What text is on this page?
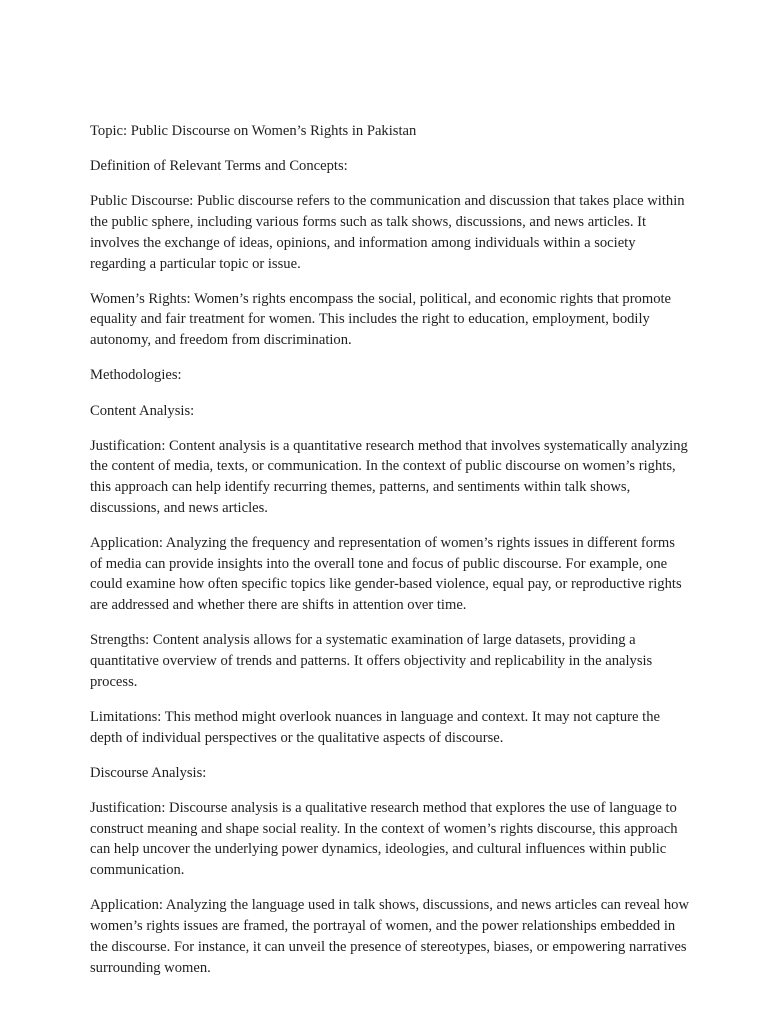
Topic: Public Discourse on Women’s Rights in Pakistan

Definition of Relevant Terms and Concepts:

Public Discourse: Public discourse refers to the communication and discussion that takes place within the public sphere, including various forms such as talk shows, discussions, and news articles. It involves the exchange of ideas, opinions, and information among individuals within a society regarding a particular topic or issue.

Women’s Rights: Women’s rights encompass the social, political, and economic rights that promote equality and fair treatment for women. This includes the right to education, employment, bodily autonomy, and freedom from discrimination.

Methodologies:

Content Analysis:

Justification: Content analysis is a quantitative research method that involves systematically analyzing the content of media, texts, or communication. In the context of public discourse on women’s rights, this approach can help identify recurring themes, patterns, and sentiments within talk shows, discussions, and news articles.

Application: Analyzing the frequency and representation of women’s rights issues in different forms of media can provide insights into the overall tone and focus of public discourse. For example, one could examine how often specific topics like gender-based violence, equal pay, or reproductive rights are addressed and whether there are shifts in attention over time.

Strengths: Content analysis allows for a systematic examination of large datasets, providing a quantitative overview of trends and patterns. It offers objectivity and replicability in the analysis process.

Limitations: This method might overlook nuances in language and context. It may not capture the depth of individual perspectives or the qualitative aspects of discourse.

Discourse Analysis:

Justification: Discourse analysis is a qualitative research method that explores the use of language to construct meaning and shape social reality. In the context of women’s rights discourse, this approach can help uncover the underlying power dynamics, ideologies, and cultural influences within public communication.

Application: Analyzing the language used in talk shows, discussions, and news articles can reveal how women’s rights issues are framed, the portrayal of women, and the power relationships embedded in the discourse. For instance, it can unveil the presence of stereotypes, biases, or empowering narratives surrounding women.
